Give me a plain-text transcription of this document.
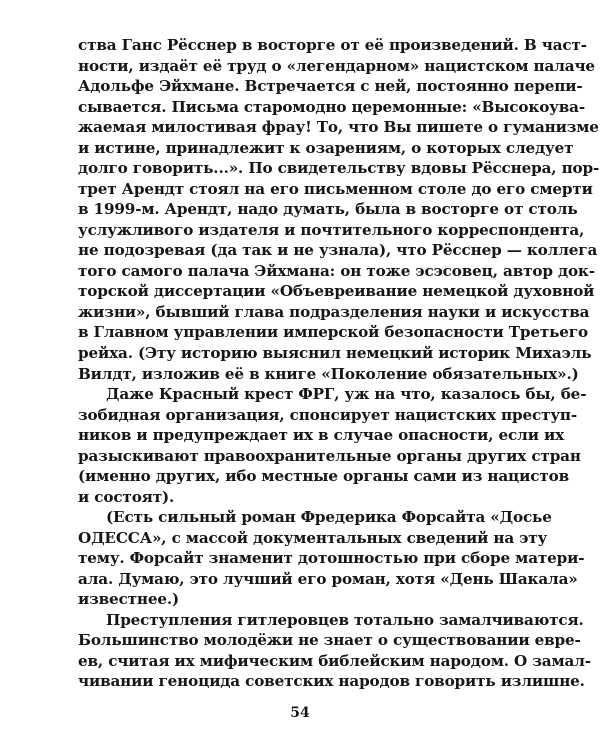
ства Ганс Рёсснер в восторге от её произведений. В част-
ности, издаёт её труд о «легендарном» нацистском палаче
Адольфе Эйхмане. Встречается с ней, постоянно перепи-
сывается. Письма старомодно церемонные: «Высокоува-
жаемая милостивая фрау! То, что Вы пишете о гуманизме
и истине, принадлежит к озарениям, о которых следует
долго говорить...». По свидетельству вдовы Рёсснера, пор-
трет Арендт стоял на его письменном столе до его смерти
в 1999-м. Арендт, надо думать, была в восторге от столь
услужливого издателя и почтительного корреспондента,
не подозревая (да так и не узнала), что Рёсснер — коллега
того самого палача Эйхмана: он тоже эсэсовец, автор док-
торской диссертации «Объевреивание немецкой духовной
жизни», бывший глава подразделения науки и искусства
в Главном управлении имперской безопасности Третьего
рейха. (Эту историю выяснил немецкий историк Михаэль
Вилдт, изложив её в книге «Поколение обязательных».)
Даже Красный крест ФРГ, уж на что, казалось бы, бе-
зобидная организация, спонсирует нацистских преступ-
ников и предупреждает их в случае опасности, если их
разыскивают правоохранительные органы других стран
(именно других, ибо местные органы сами из нацистов
и состоят).
(Есть сильный роман Фредерика Форсайта «Досье
ОДЕССА», с массой документальных сведений на эту
тему. Форсайт знаменит дотошностью при сборе матери-
ала. Думаю, это лучший его роман, хотя «День Шакала»
известнее.)
Преступления гитлеровцев тотально замалчиваются.
Большинство молодёжи не знает о существовании евре-
ев, считая их мифическим библейским народом. О замал-
чивании геноцида советских народов говорить излишне.
54
